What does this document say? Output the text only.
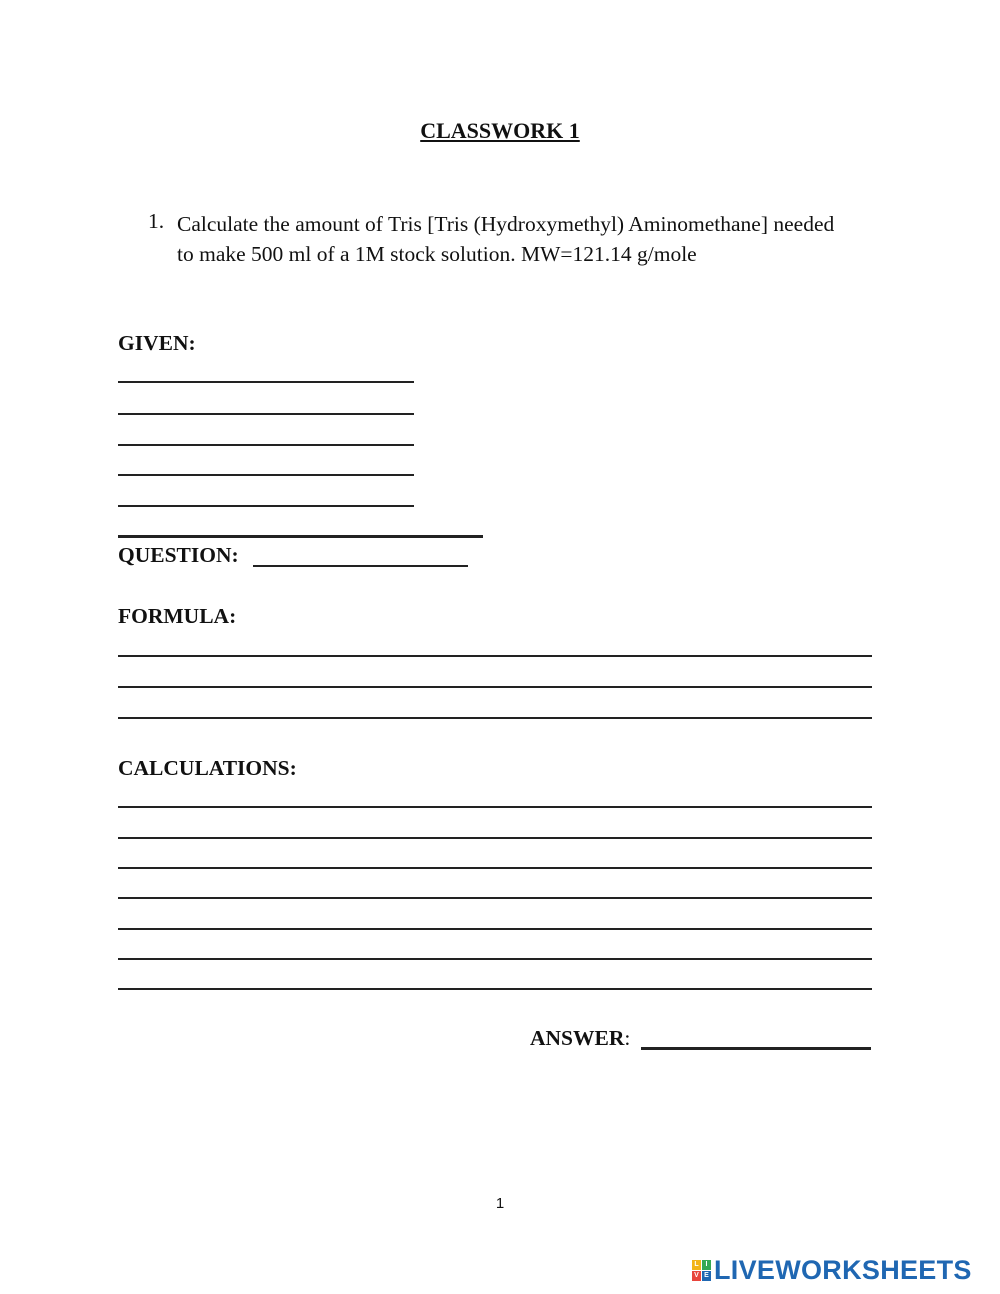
CLASSWORK 1
1. Calculate the amount of Tris [Tris (Hydroxymethyl) Aminomethane] needed
to make 500 ml of a 1M stock solution. MW=121.14 g/mole
GIVEN:
QUESTION:
FORMULA:
CALCULATIONS:
ANSWER:
1
L I
V E LIVEWORKSHEETS
